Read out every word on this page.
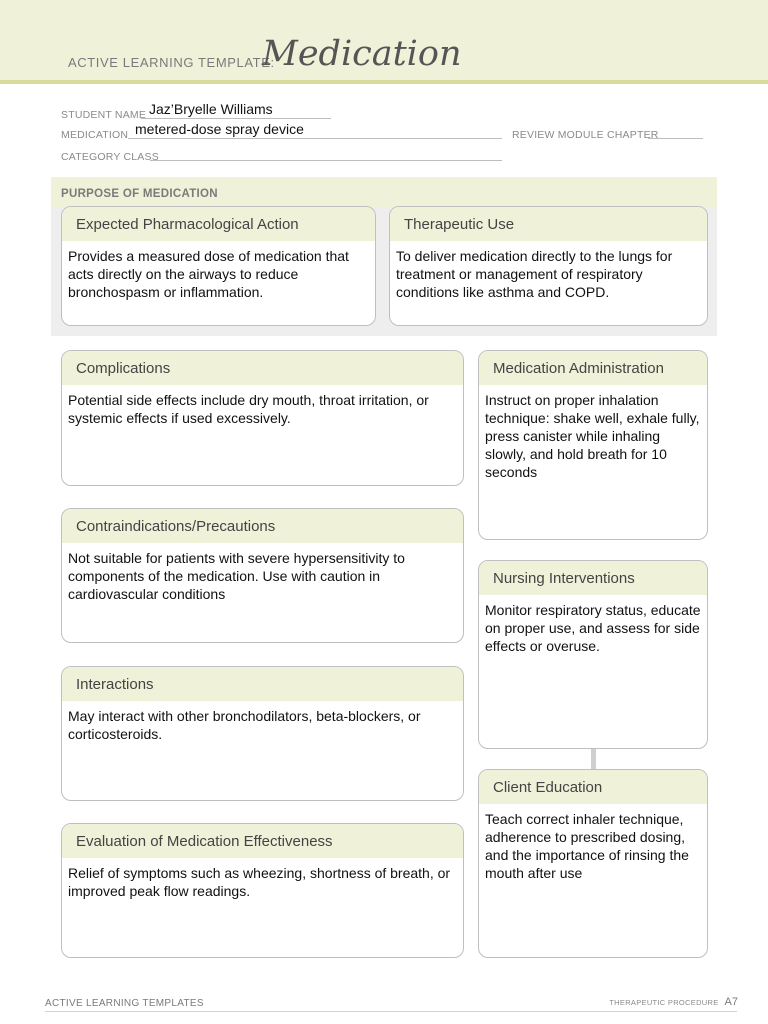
ACTIVE LEARNING TEMPLATE:
Medication
STUDENT NAME Jaz’Bryelle Williams
MEDICATION metered-dose spray device	REVIEW MODULE CHAPTER
CATEGORY CLASS
PURPOSE OF MEDICATION
Expected Pharmacological Action
Provides a measured dose of medication that acts directly on the airways to reduce bronchospasm or inflammation.
Therapeutic Use
To deliver medication directly to the lungs for treatment or management of respiratory conditions like asthma and COPD.
Complications
Potential side effects include dry mouth, throat irritation, or systemic effects if used excessively.
Contraindications/Precautions
Not suitable for patients with severe hypersensitivity to components of the medication. Use with caution in cardiovascular conditions
Interactions
May interact with other bronchodilators, beta-blockers, or corticosteroids.
Evaluation of Medication Effectiveness
Relief of symptoms such as wheezing, shortness of breath, or improved peak flow readings.
Medication Administration
Instruct on proper inhalation technique: shake well, exhale fully, press canister while inhaling slowly, and hold breath for 10 seconds
Nursing Interventions
Monitor respiratory status, educate on proper use, and assess for side effects or overuse.
Client Education
Teach correct inhaler technique, adherence to prescribed dosing, and the importance of rinsing the mouth after use
ACTIVE LEARNING TEMPLATES	THERAPEUTIC PROCEDURE A7
